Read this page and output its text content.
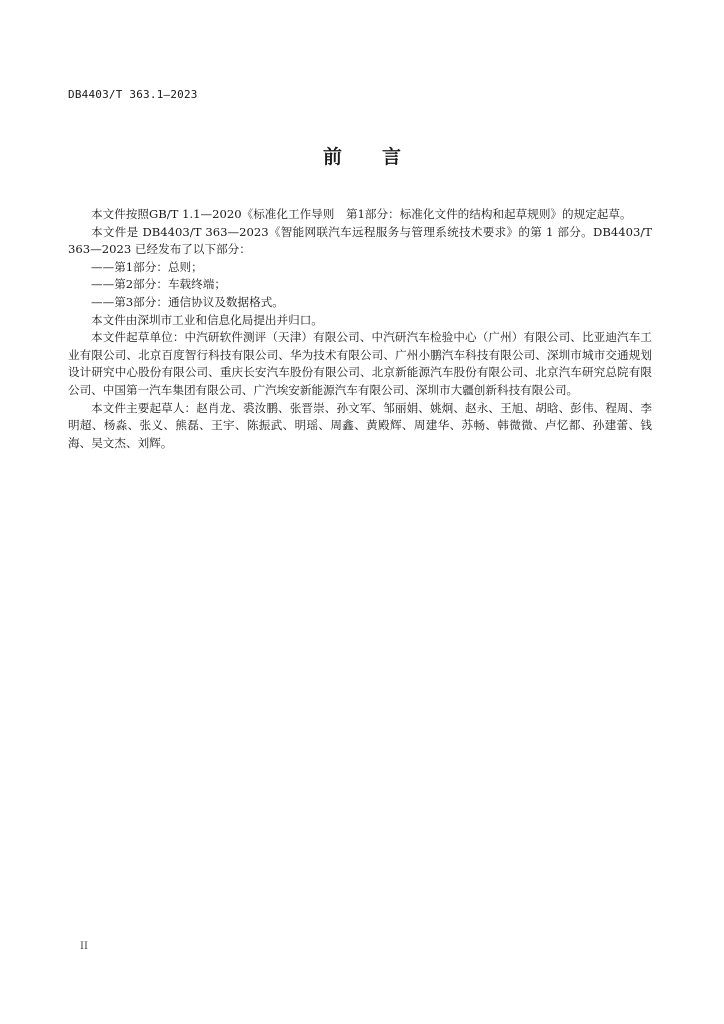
DB4403/T 363.1—2023
前 言

本文件按照GB/T 1.1—2020《标准化工作导则　第1部分：标准化文件的结构和起草规则》的规定起草。

本文件是 DB4403/T 363—2023《智能网联汽车远程服务与管理系统技术要求》的第 1 部分。DB4403/T 363—2023 已经发布了以下部分：

——第1部分：总则；

——第2部分：车载终端；

——第3部分：通信协议及数据格式。

本文件由深圳市工业和信息化局提出并归口。

本文件起草单位：中汽研软件测评（天津）有限公司、中汽研汽车检验中心（广州）有限公司、比亚迪汽车工业有限公司、北京百度智行科技有限公司、华为技术有限公司、广州小鹏汽车科技有限公司、深圳市城市交通规划设计研究中心股份有限公司、重庆长安汽车股份有限公司、北京新能源汽车股份有限公司、北京汽车研究总院有限公司、中国第一汽车集团有限公司、广汽埃安新能源汽车有限公司、深圳市大疆创新科技有限公司。

本文件主要起草人：赵肖龙、裘汝鹏、张晋崇、孙文军、邹丽娟、姚炯、赵永、王旭、胡晗、彭伟、程周、李明超、杨淼、张义、熊磊、王宇、陈振武、明瑶、周鑫、黄殿辉、周建华、苏畅、韩微微、卢忆都、孙建蕾、钱海、吴文杰、刘辉。

II
